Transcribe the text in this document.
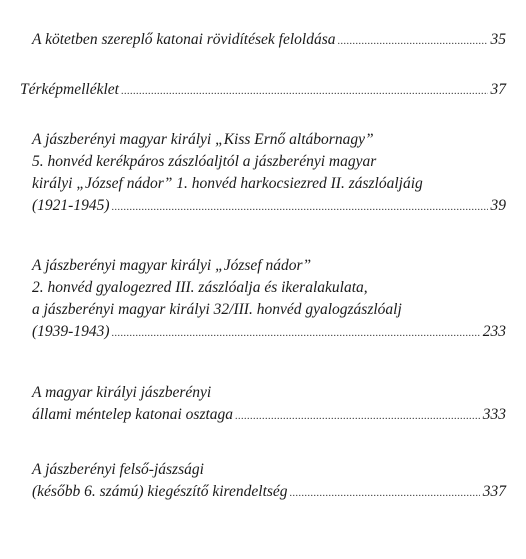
A kötetben szereplő katonai rövidítések feloldása .....	35
Térképmelléklet .....	37
A jászberényi magyar királyi „Kiss Ernő altábornagy”
5. honvéd kerékpáros zászlóaljtól a jászberényi magyar
királyi „József nádor” 1. honvéd harkocsiezred II. zászlóaljáig
(1921-1945) .....	39
A jászberényi magyar királyi „József nádor”
2. honvéd gyalogezred III. zászlóalja és ikeralakulata,
a jászberényi magyar királyi 32/III. honvéd gyalogzászlóalj
(1939-1943) .....	233
A magyar királyi jászberényi
állami méntelep katonai osztaga .....	333
A jászberényi felső-jászsági
(később 6. számú) kiegészítő kirendeltség .....	337
